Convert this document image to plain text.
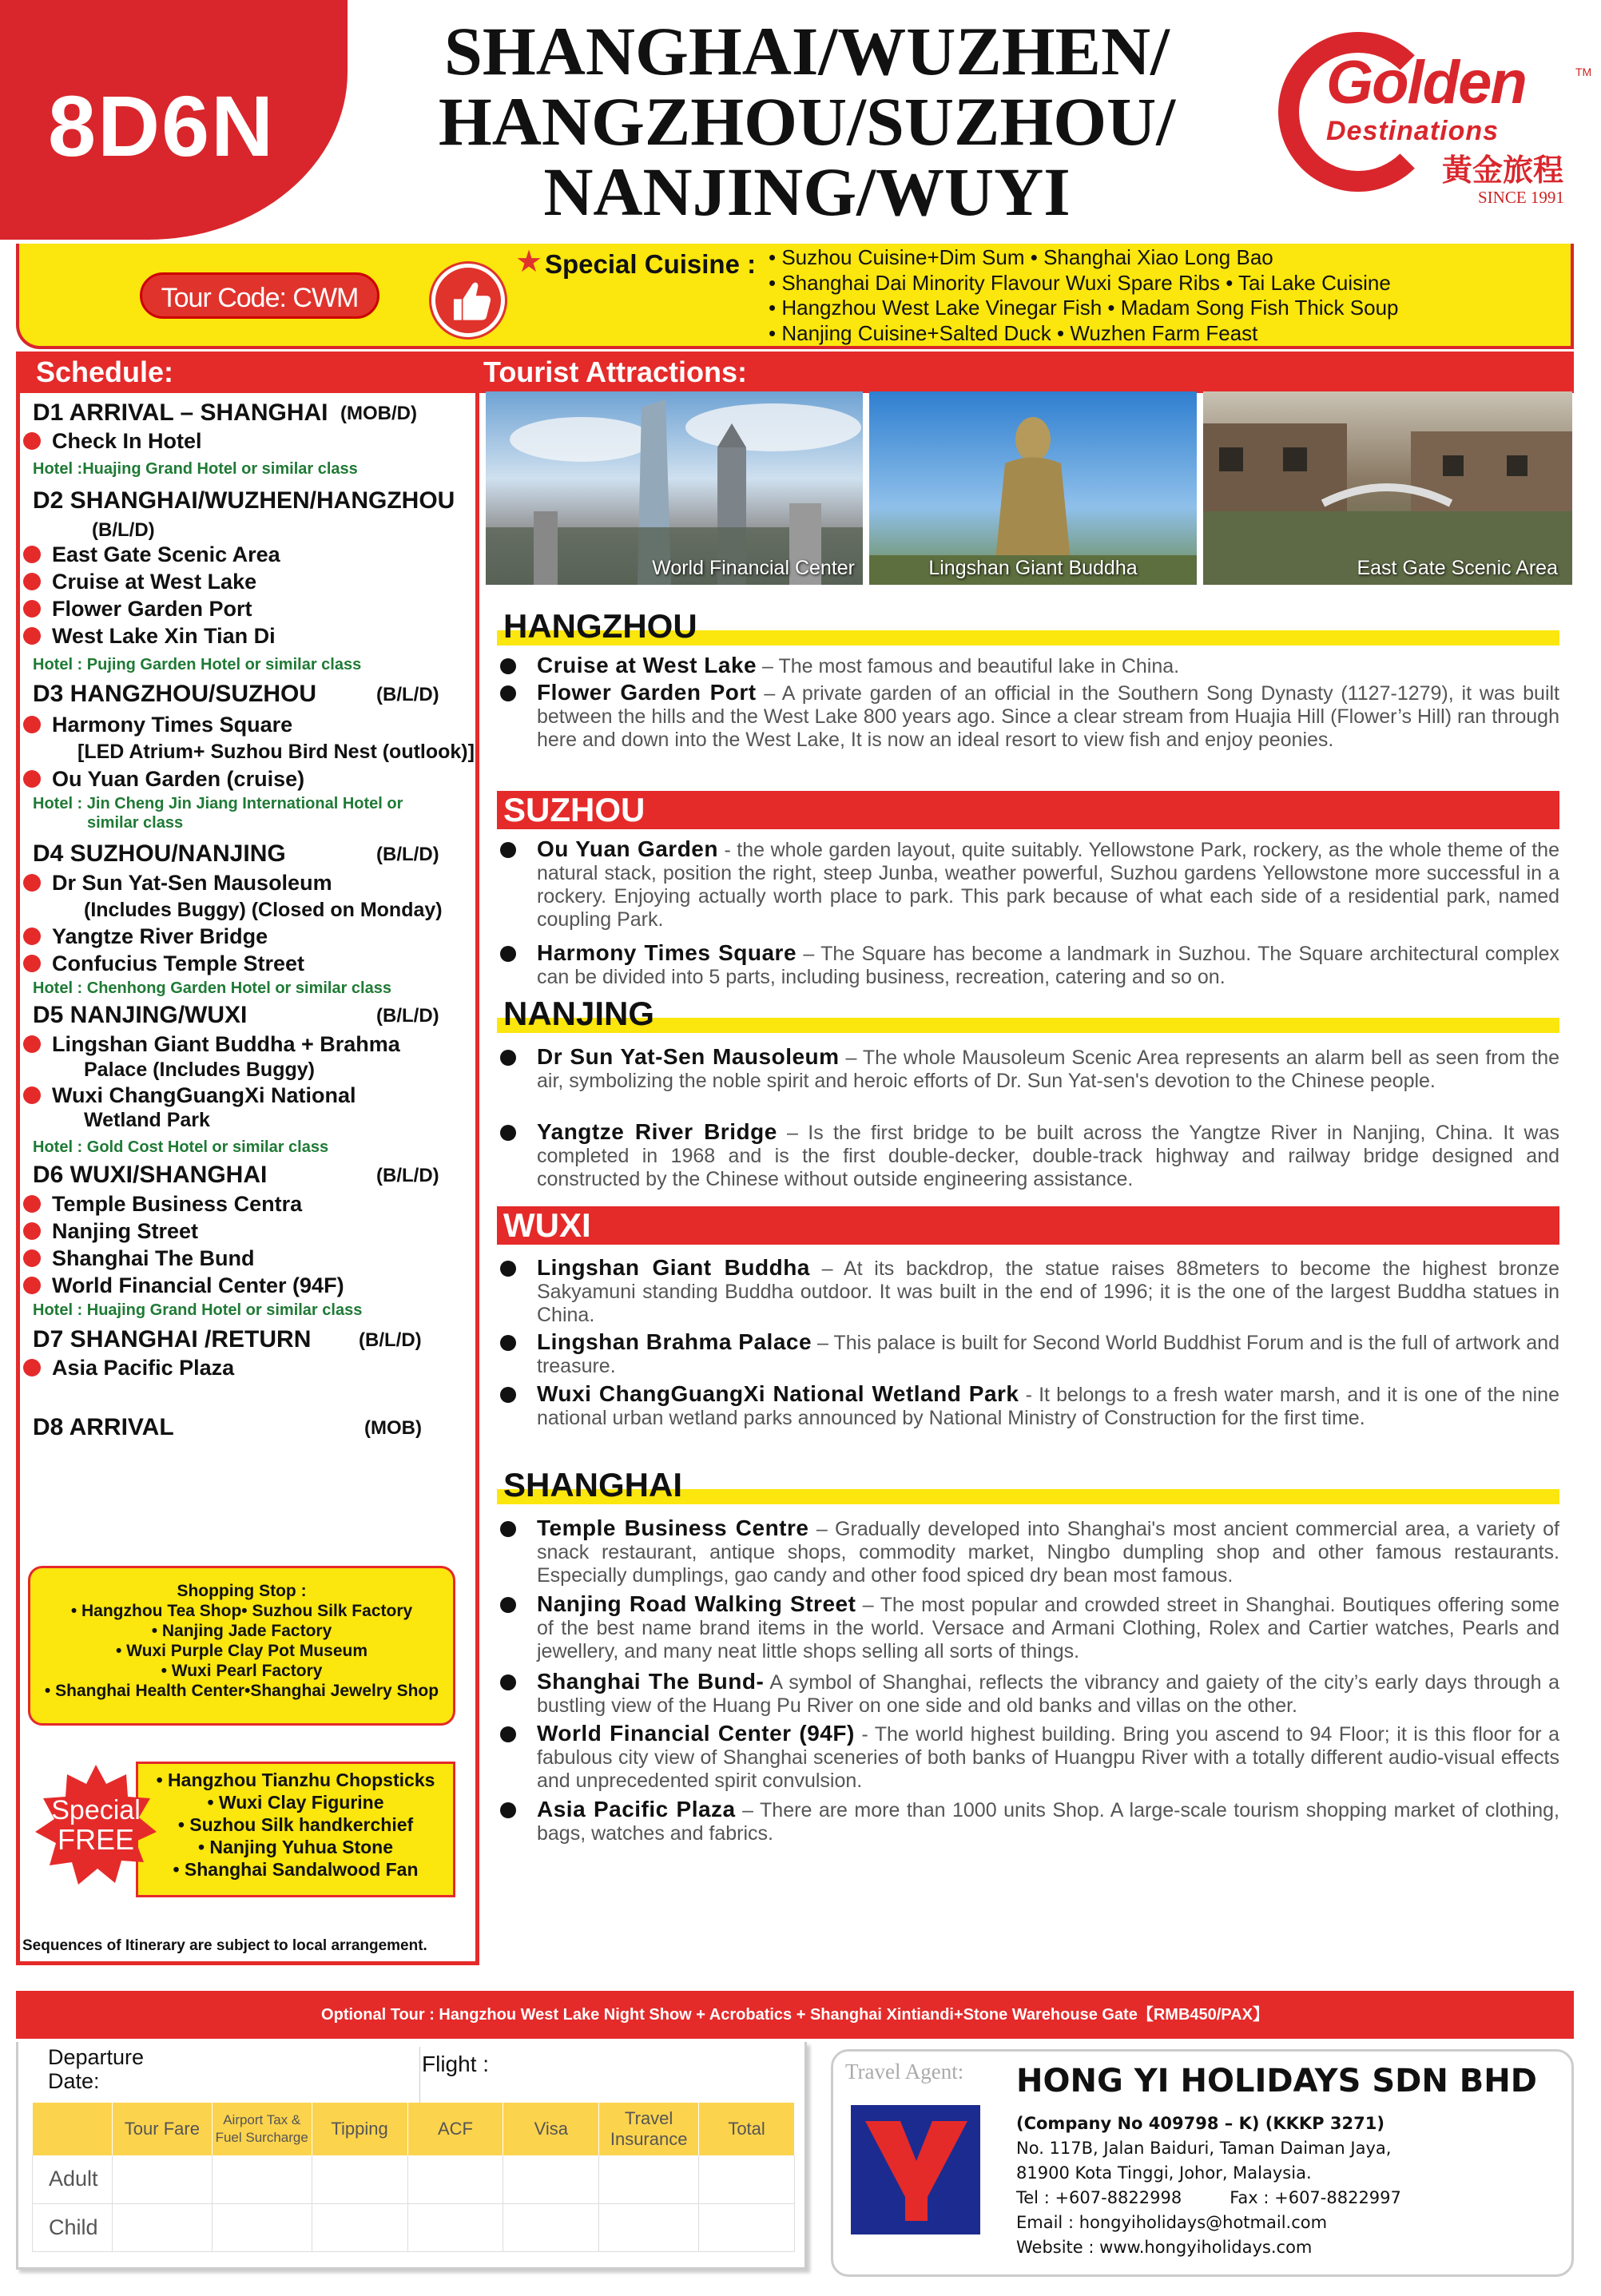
8D6N
SHANGHAI/WUZHEN/
HANGZHOU/SUZHOU/
NANJING/WUYI
Golden	TM
Destinations
黃金旅程
SINCE 1991
Tour Code: CWM
★ Special Cuisine : • Suzhou Cuisine+Dim Sum • Shanghai Xiao Long Bao
• Shanghai Dai Minority Flavour Wuxi Spare Ribs • Tai Lake Cuisine
• Hangzhou West Lake Vinegar Fish • Madam Song Fish Thick Soup
• Nanjing Cuisine+Salted Duck • Wuzhen Farm Feast
Schedule:	Tourist Attractions:
D1 ARRIVAL – SHANGHAI (MOB/D)
Check In Hotel
Hotel :Huajing Grand Hotel or similar class
D2 SHANGHAI/WUZHEN/HANGZHOU
(B/L/D)
East Gate Scenic Area
Cruise at West Lake
Flower Garden Port
West Lake Xin Tian Di
Hotel : Pujing Garden Hotel or similar class
D3 HANGZHOU/SUZHOU	(B/L/D)
Harmony Times Square
[LED Atrium+ Suzhou Bird Nest (outlook)]
Ou Yuan Garden (cruise)
Hotel : Jin Cheng Jin Jiang International Hotel or
similar class
D4 SUZHOU/NANJING	(B/L/D)
Dr Sun Yat-Sen Mausoleum
(Includes Buggy) (Closed on Monday)
Yangtze River Bridge
Confucius Temple Street
Hotel : Chenhong Garden Hotel or similar class
D5 NANJING/WUXI	(B/L/D)
Lingshan Giant Buddha + Brahma
Palace (Includes Buggy)
Wuxi ChangGuangXi National
Wetland Park
Hotel : Gold Cost Hotel or similar class
D6 WUXI/SHANGHAI	(B/L/D)
Temple Business Centra
Nanjing Street
Shanghai The Bund
World Financial Center (94F)
Hotel : Huajing Grand Hotel or similar class
D7 SHANGHAI /RETURN (B/L/D)
Asia Pacific Plaza
D8 ARRIVAL	(MOB)
Shopping Stop :
• Hangzhou Tea Shop• Suzhou Silk Factory
• Nanjing Jade Factory
• Wuxi Purple Clay Pot Museum
• Wuxi Pearl Factory
• Shanghai Health Center•Shanghai Jewelry Shop
• Hangzhou Tianzhu Chopsticks
• Wuxi Clay Figurine
• Suzhou Silk handkerchief
• Nanjing Yuhua Stone
• Shanghai Sandalwood Fan
Special
FREE
Sequences of Itinerary are subject to local arrangement.
World Financial Center	Lingshan Giant Buddha	East Gate Scenic Area
HANGZHOU
Cruise at West Lake – The most famous and beautiful lake in China.
Flower Garden Port – A private garden of an official in the Southern Song Dynasty (1127-1279), it was built between the hills and the West Lake 800 years ago. Since a clear stream from Huajia Hill (Flower’s Hill) ran through here and down into the West Lake, It is now an ideal resort to view fish and enjoy peonies.
SUZHOU
Ou Yuan Garden - the whole garden layout, quite suitably. Yellowstone Park, rockery, as the whole theme of the natural stack, position the right, steep Junba, weather powerful, Suzhou gardens Yellowstone more successful in a rockery. Enjoying actually worth place to park. This park because of what each side of a residential park, named coupling Park.
Harmony Times Square – The Square has become a landmark in Suzhou. The Square architectural complex can be divided into 5 parts, including business, recreation, catering and so on.
NANJING
Dr Sun Yat-Sen Mausoleum – The whole Mausoleum Scenic Area represents an alarm bell as seen from the air, symbolizing the noble spirit and heroic efforts of Dr. Sun Yat-sen's devotion to the Chinese people.
Yangtze River Bridge – Is the first bridge to be built across the Yangtze River in Nanjing, China. It was completed in 1968 and is the first double-decker, double-track highway and railway bridge designed and constructed by the Chinese without outside engineering assistance.
WUXI
Lingshan Giant Buddha – At its backdrop, the statue raises 88meters to become the highest bronze Sakyamuni standing Buddha outdoor. It was built in the end of 1996; it is the one of the largest Buddha statues in China.
Lingshan Brahma Palace – This palace is built for Second World Buddhist Forum and is the full of artwork and treasure.
Wuxi ChangGuangXi National Wetland Park - It belongs to a fresh water marsh, and it is one of the nine national urban wetland parks announced by National Ministry of Construction for the first time.
SHANGHAI
Temple Business Centre – Gradually developed into Shanghai's most ancient commercial area, a variety of snack restaurant, antique shops, commodity market, Ningbo dumpling shop and other famous restaurants. Especially dumplings, gao candy and other food spiced dry bean most famous.
Nanjing Road Walking Street – The most popular and crowded street in Shanghai. Boutiques offering some of the best name brand items in the world. Versace and Armani Clothing, Rolex and Cartier watches, Pearls and jewellery, and many neat little shops selling all sorts of things.
Shanghai The Bund- A symbol of Shanghai, reflects the vibrancy and gaiety of the city’s early days through a bustling view of the Huang Pu River on one side and old banks and villas on the other.
World Financial Center (94F) - The world highest building. Bring you ascend to 94 Floor; it is this floor for a fabulous city view of Shanghai sceneries of both banks of Huangpu River with a totally different audio-visual effects and unprecedented spirit convulsion.
Asia Pacific Plaza – There are more than 1000 units Shop. A large-scale tourism shopping market of clothing, bags, watches and fabrics.
Optional Tour : Hangzhou West Lake Night Show + Acrobatics + Shanghai Xintiandi+Stone Warehouse Gate【RMB450/PAX】
Departure
Date:
Flight :
	Tour Fare	Airport Tax &
Fuel Surcharge	Tipping	ACF	Visa	Travel
Insurance	Total
Adult							
Child							
Travel Agent: HONG YI HOLIDAYS SDN BHD
(Company No 409798 – K) (KKKP 3271)
No. 117B, Jalan Baiduri, Taman Daiman Jaya,
81900 Kota Tinggi, Johor, Malaysia.
Tel : +607-8822998	Fax : +607-8822997
Email : hongyiholidays@hotmail.com
Website : www.hongyiholidays.com
